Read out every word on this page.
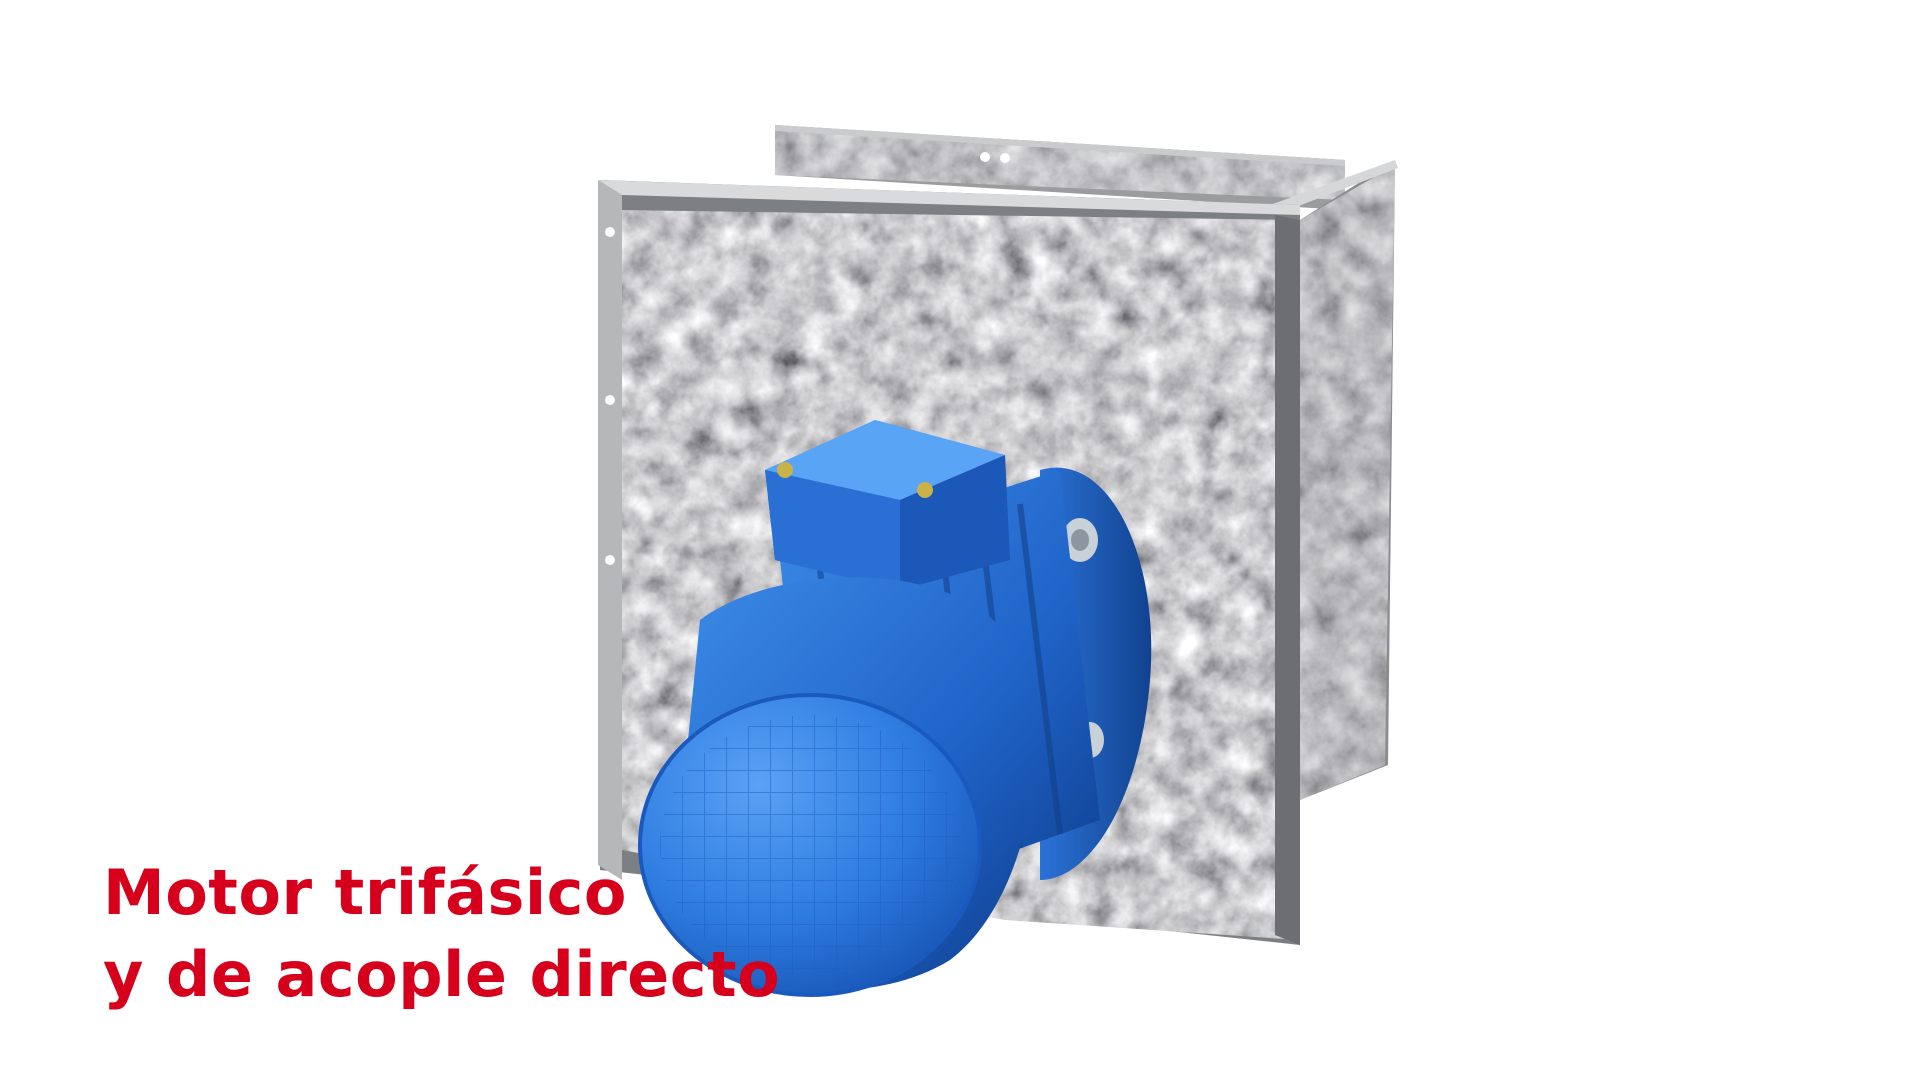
Motor trifásico
y de acople directo
